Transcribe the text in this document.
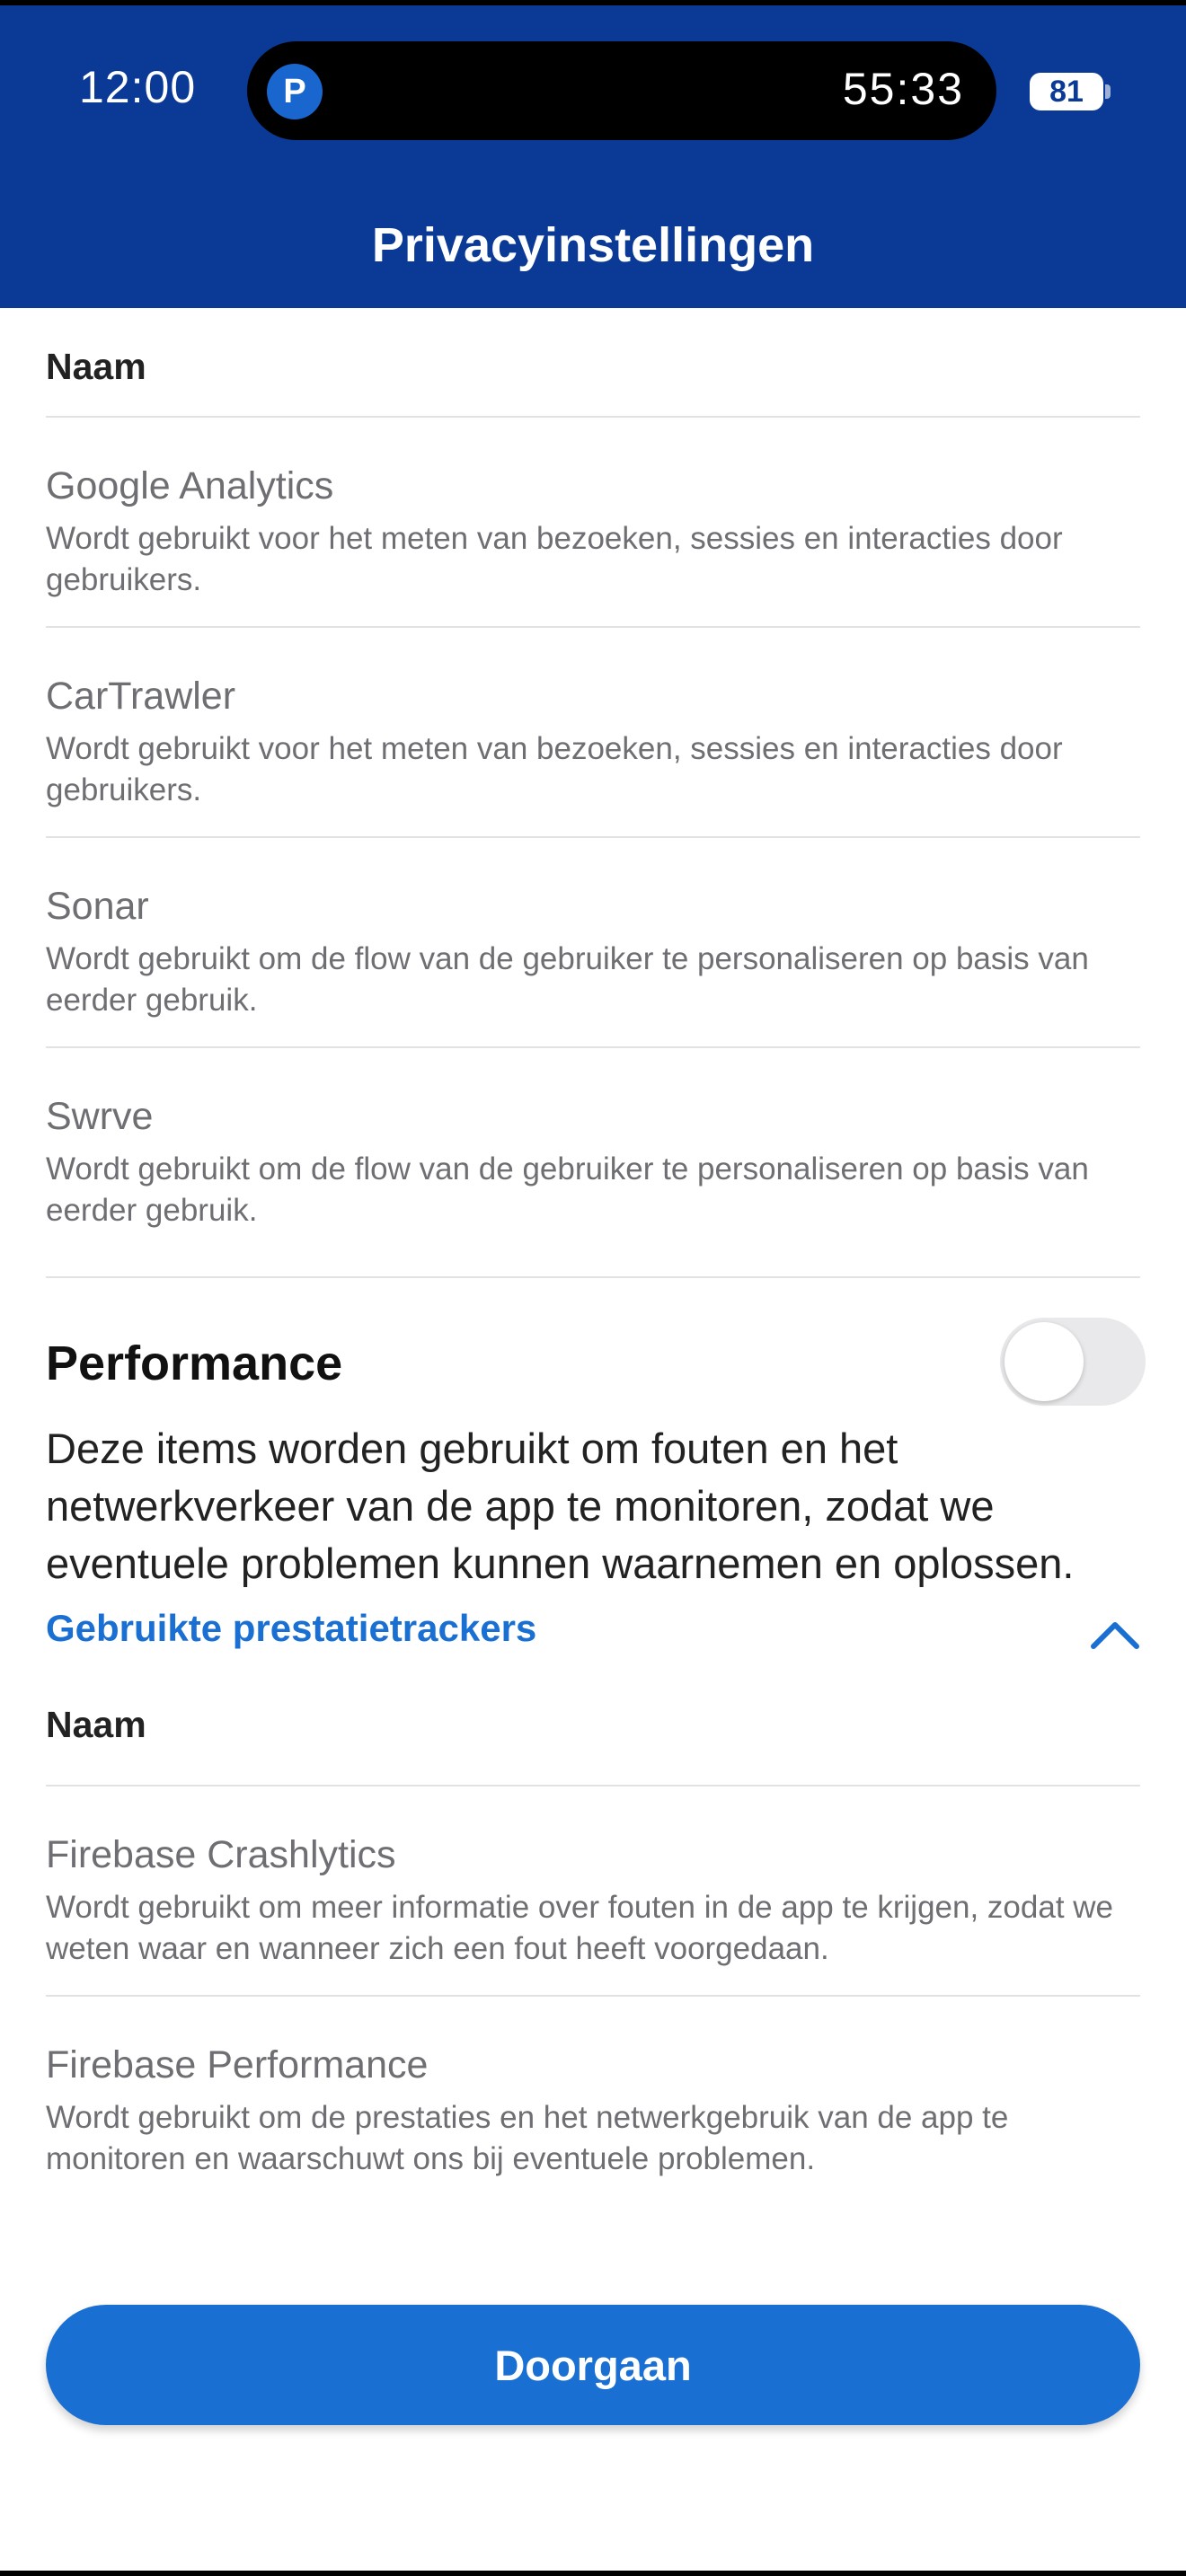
12:00	P	55:33	81
Privacyinstellingen
Naam
Google Analytics
Wordt gebruikt voor het meten van bezoeken, sessies en interacties door gebruikers.
CarTrawler
Wordt gebruikt voor het meten van bezoeken, sessies en interacties door gebruikers.
Sonar
Wordt gebruikt om de flow van de gebruiker te personaliseren op basis van eerder gebruik.
Swrve
Wordt gebruikt om de flow van de gebruiker te personaliseren op basis van eerder gebruik.
Performance
Deze items worden gebruikt om fouten en het netwerkverkeer van de app te monitoren, zodat we eventuele problemen kunnen waarnemen en oplossen.
Gebruikte prestatietrackers
Naam
Firebase Crashlytics
Wordt gebruikt om meer informatie over fouten in de app te krijgen, zodat we weten waar en wanneer zich een fout heeft voorgedaan.
Firebase Performance
Wordt gebruikt om de prestaties en het netwerkgebruik van de app te monitoren en waarschuwt ons bij eventuele problemen.
Doorgaan
